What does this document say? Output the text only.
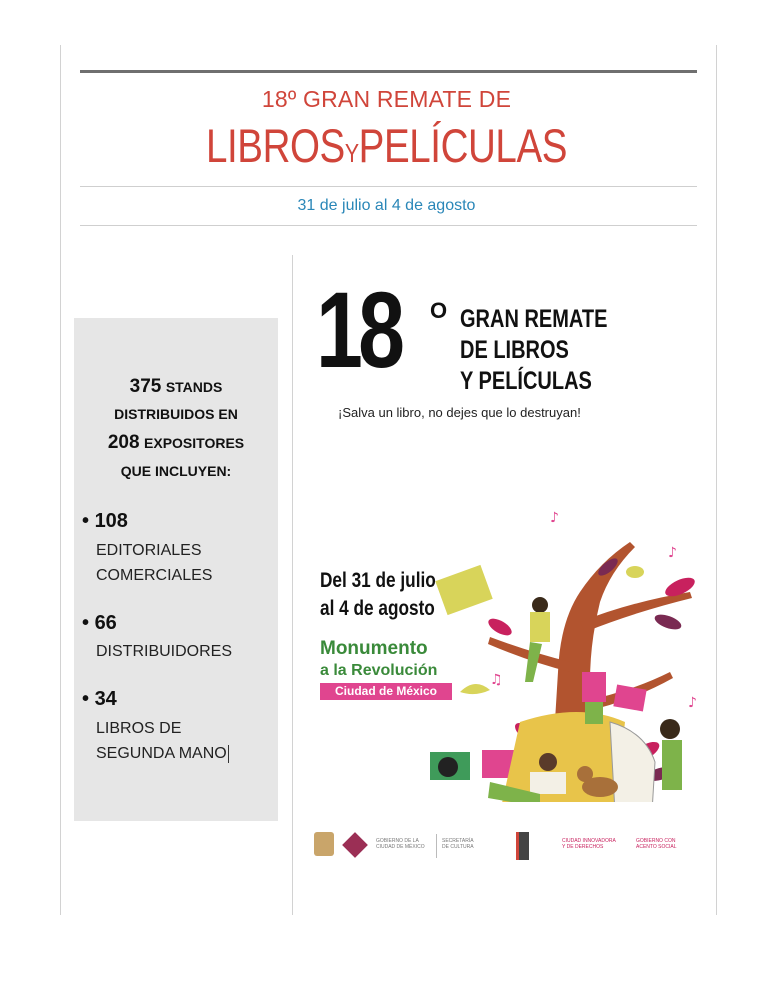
18º GRAN REMATE DE
LIBROSYPELÍCULAS
31 de julio al 4 de agosto
375 STANDS
DISTRIBUIDOS EN
208 EXPOSITORES
QUE INCLUYEN:
• 108
EDITORIALES
COMERCIALES
• 66
DISTRIBUIDORES
• 34
LIBROS DE
SEGUNDA MANO
18 O GRAN REMATE
DE LIBROS
Y PELÍCULAS
¡Salva un libro, no dejes que lo destruyan!
Del 31 de julio
al 4 de agosto
Monumento
a la Revolución
Ciudad de México
♪
♪
♫
♪
GOBIERNO DE LA
CIUDAD DE MÉXICO
SECRETARÍA
DE CULTURA
CIUDAD INNOVADORA
Y DE DERECHOS
GOBIERNO CON
ACENTO SOCIAL
